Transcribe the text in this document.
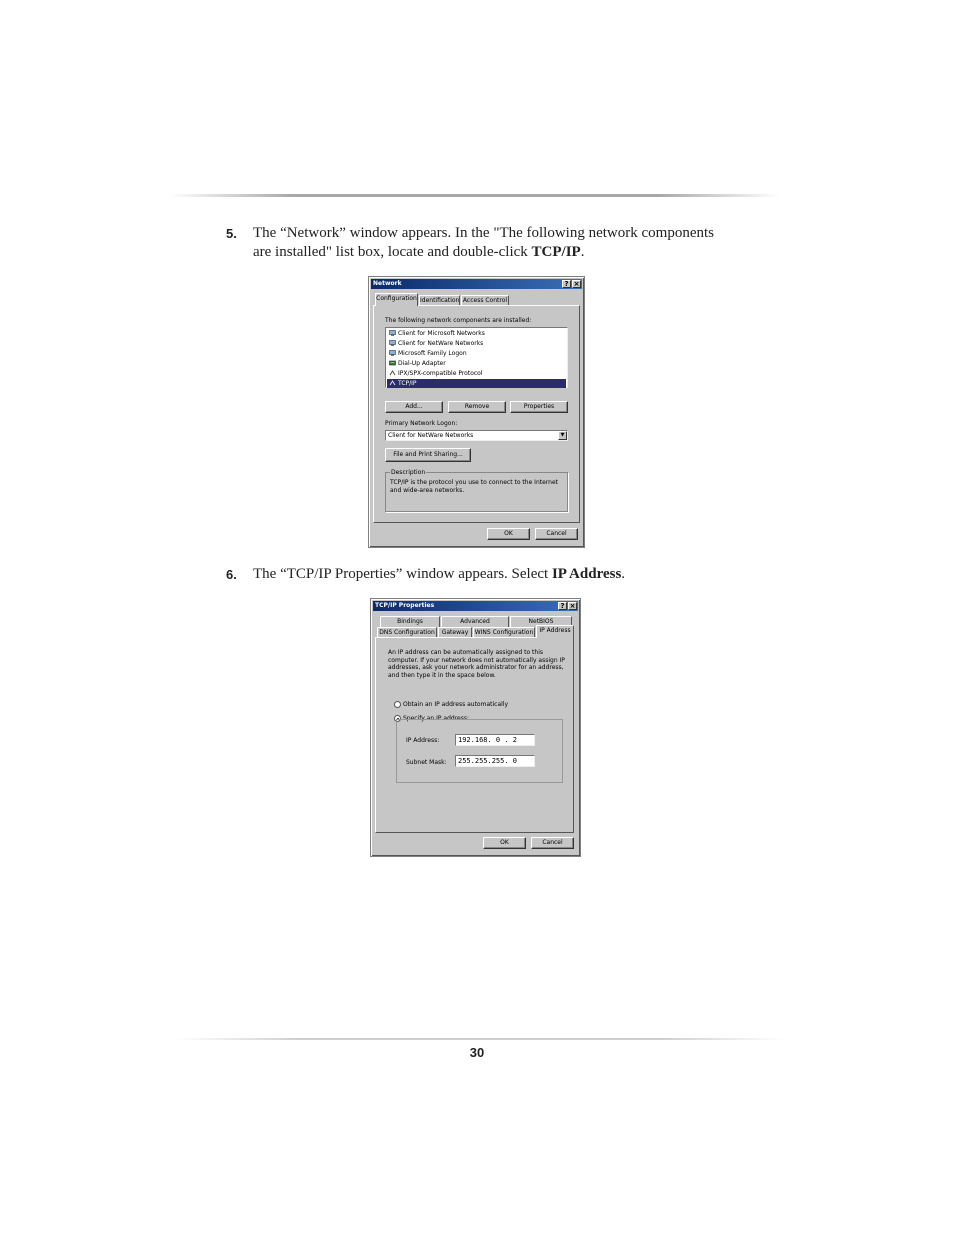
5. The “Network” window appears. In the "The following network components are installed" list box, locate and double-click TCP/IP.
Network	? ×
Configuration Identification Access Control
The following network components are installed:
Client for Microsoft Networks
Client for NetWare Networks
Microsoft Family Logon
Dial-Up Adapter
IPX/SPX-compatible Protocol
TCP/IP
Add...	Remove	Properties
Primary Network Logon:
Client for NetWare Networks	▼
File and Print Sharing...
Description
TCP/IP is the protocol you use to connect to the Internet and wide-area networks.
OK	Cancel
6. The “TCP/IP Properties” window appears. Select IP Address.
TCP/IP Properties	? ×
Bindings	Advanced	NetBIOS
DNS Configuration	Gateway	WINS Configuration	IP Address
An IP address can be automatically assigned to this computer. If your network does not automatically assign IP addresses, ask your network administrator for an address, and then type it in the space below.
Obtain an IP address automatically
Specify an IP address:
IP Address:	192.168. 0 . 2
Subnet Mask:	255.255.255. 0
OK	Cancel
30
